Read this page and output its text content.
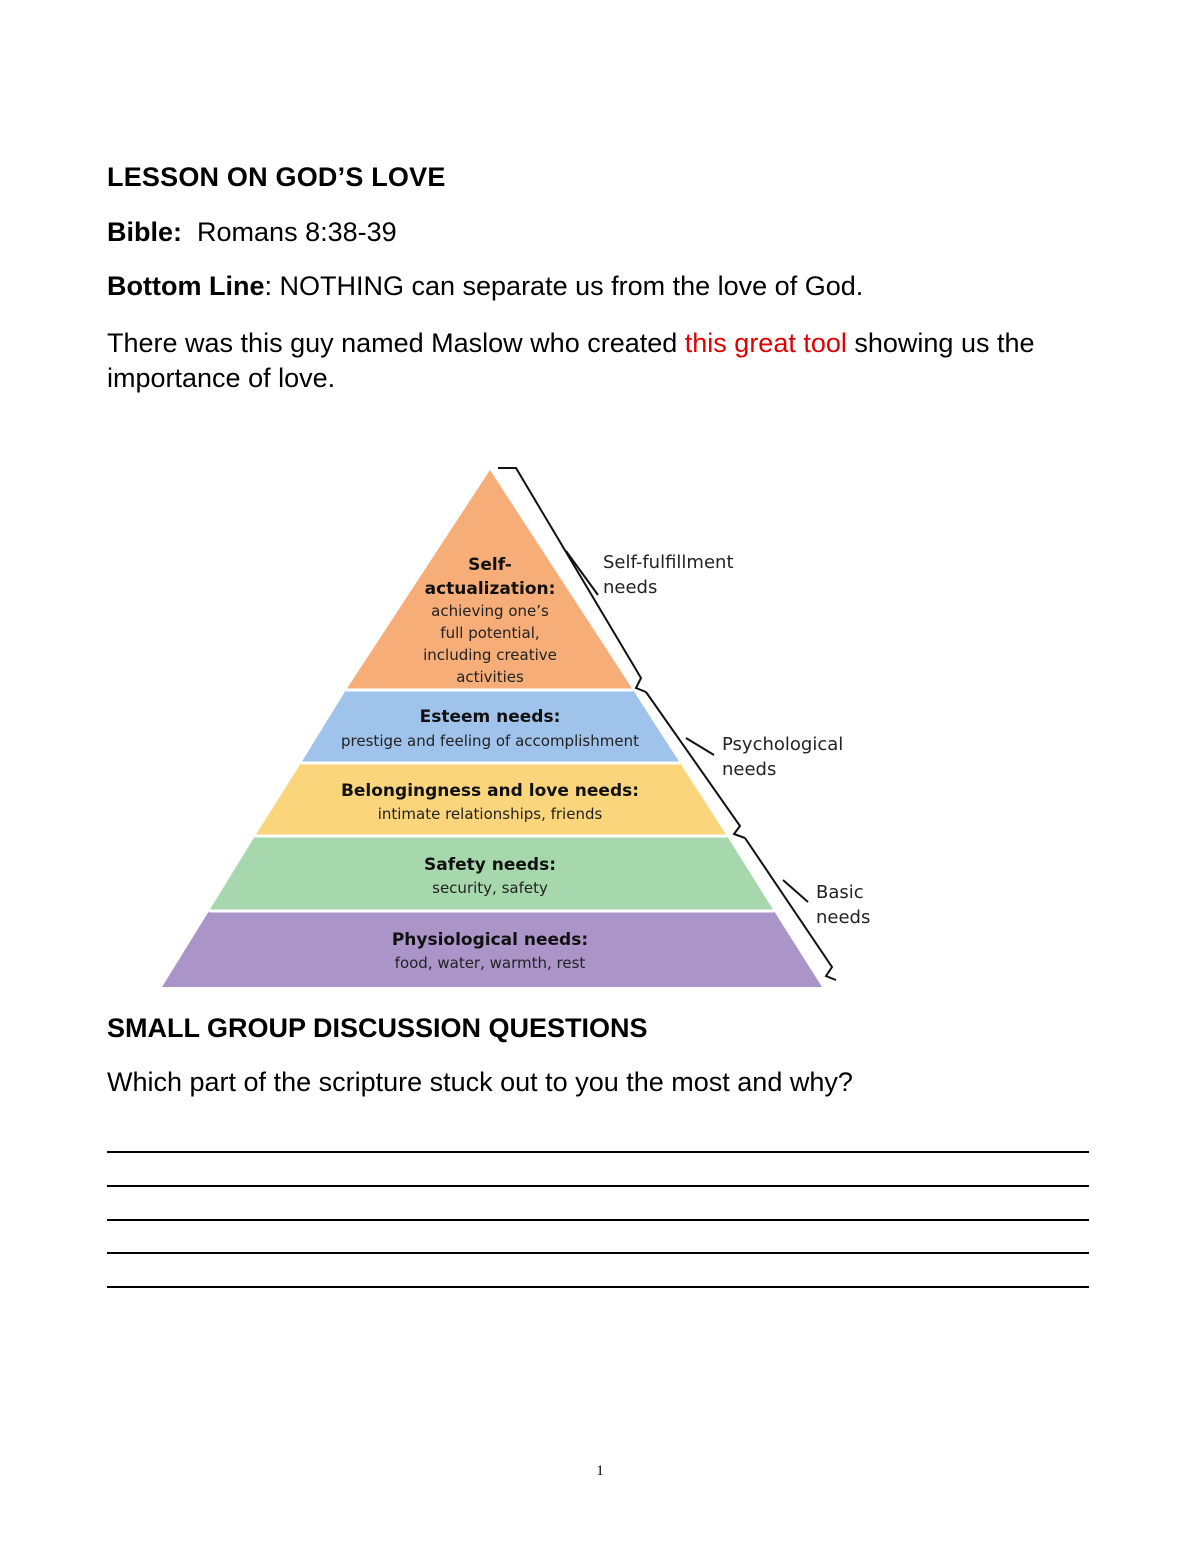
LESSON ON GOD’S LOVE
Bible: Romans 8:38-39
Bottom Line: NOTHING can separate us from the love of God.
There was this guy named Maslow who created this great tool showing us the importance of love.
Self-
actualization:
achieving one’s
full potential,
including creative
activities
Esteem needs:
prestige and feeling of accomplishment
Belongingness and love needs:
intimate relationships, friends
Safety needs:
security, safety
Physiological needs:
food, water, warmth, rest
Self-fulfillment
needs
Psychological
needs
Basic
needs
SMALL GROUP DISCUSSION QUESTIONS
Which part of the scripture stuck out to you the most and why?
1
